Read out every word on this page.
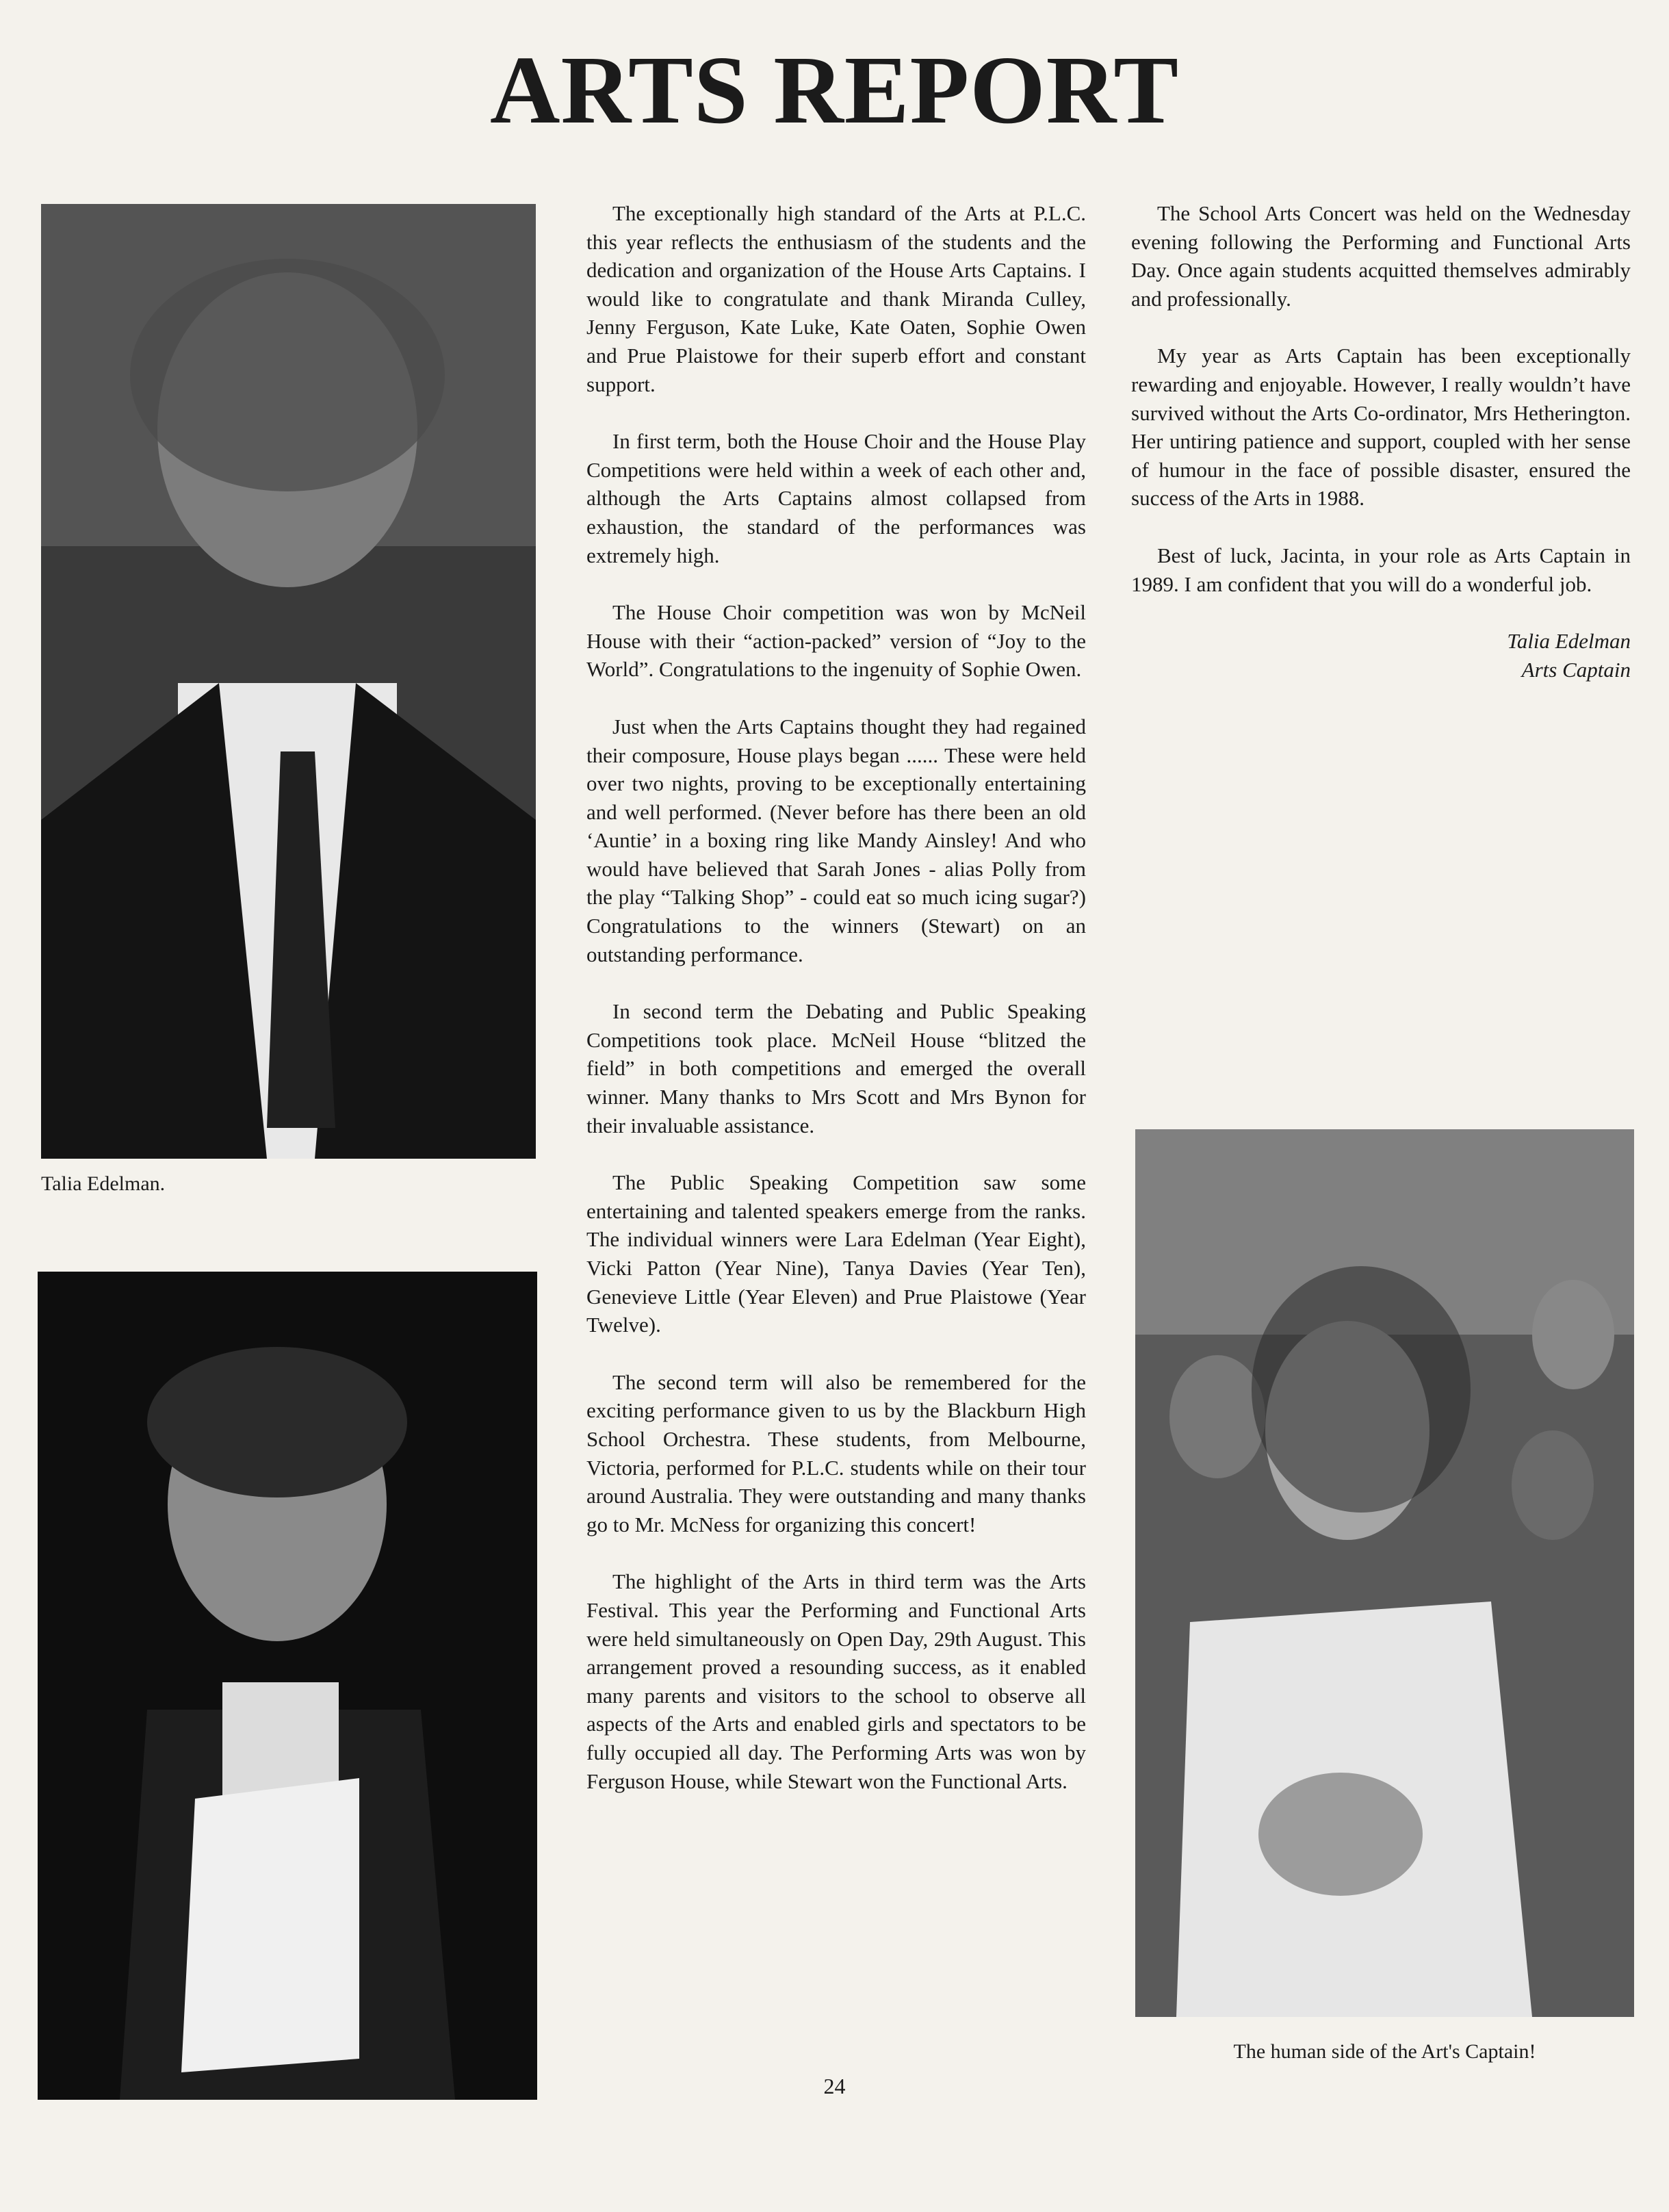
ARTS REPORT
Talia Edelman.
The human side of the Art's Captain!

The exceptionally high standard of the Arts at P.L.C. this year reflects the enthusiasm of the students and the dedication and organization of the House Arts Captains. I would like to congratulate and thank Miranda Culley, Jenny Ferguson, Kate Luke, Kate Oaten, Sophie Owen and Prue Plaistowe for their superb effort and constant support.

In first term, both the House Choir and the House Play Competitions were held within a week of each other and, although the Arts Captains almost collapsed from exhaustion, the standard of the performances was extremely high.

The House Choir competition was won by McNeil House with their “action-packed” version of “Joy to the World”. Congratulations to the ingenuity of Sophie Owen.

Just when the Arts Captains thought they had regained their composure, House plays began ...... These were held over two nights, proving to be exceptionally entertaining and well performed. (Never before has there been an old ‘Auntie’ in a boxing ring like Mandy Ainsley! And who would have believed that Sarah Jones - alias Polly from the play “Talking Shop” - could eat so much icing sugar?) Congratulations to the winners (Stewart) on an outstanding performance.

In second term the Debating and Public Speaking Competitions took place. McNeil House “blitzed the field” in both competitions and emerged the overall winner. Many thanks to Mrs Scott and Mrs Bynon for their invaluable assistance.

The Public Speaking Competition saw some entertaining and talented speakers emerge from the ranks. The individual winners were Lara Edelman (Year Eight), Vicki Patton (Year Nine), Tanya Davies (Year Ten), Genevieve Little (Year Eleven) and Prue Plaistowe (Year Twelve).

The second term will also be remembered for the exciting performance given to us by the Blackburn High School Orchestra. These students, from Melbourne, Victoria, performed for P.L.C. students while on their tour around Australia. They were outstanding and many thanks go to Mr. McNess for organizing this concert!

The highlight of the Arts in third term was the Arts Festival. This year the Performing and Functional Arts were held simultaneously on Open Day, 29th August. This arrangement proved a resounding success, as it enabled many parents and visitors to the school to observe all aspects of the Arts and enabled girls and spectators to be fully occupied all day. The Performing Arts was won by Ferguson House, while Stewart won the Functional Arts.

The School Arts Concert was held on the Wednesday evening following the Performing and Functional Arts Day. Once again students acquitted themselves admirably and professionally.

My year as Arts Captain has been exceptionally rewarding and enjoyable. However, I really wouldn’t have survived without the Arts Co-ordinator, Mrs Hetherington. Her untiring patience and support, coupled with her sense of humour in the face of possible disaster, ensured the success of the Arts in 1988.

Best of luck, Jacinta, in your role as Arts Captain in 1989. I am confident that you will do a wonderful job.

Talia Edelman
Arts Captain
24
